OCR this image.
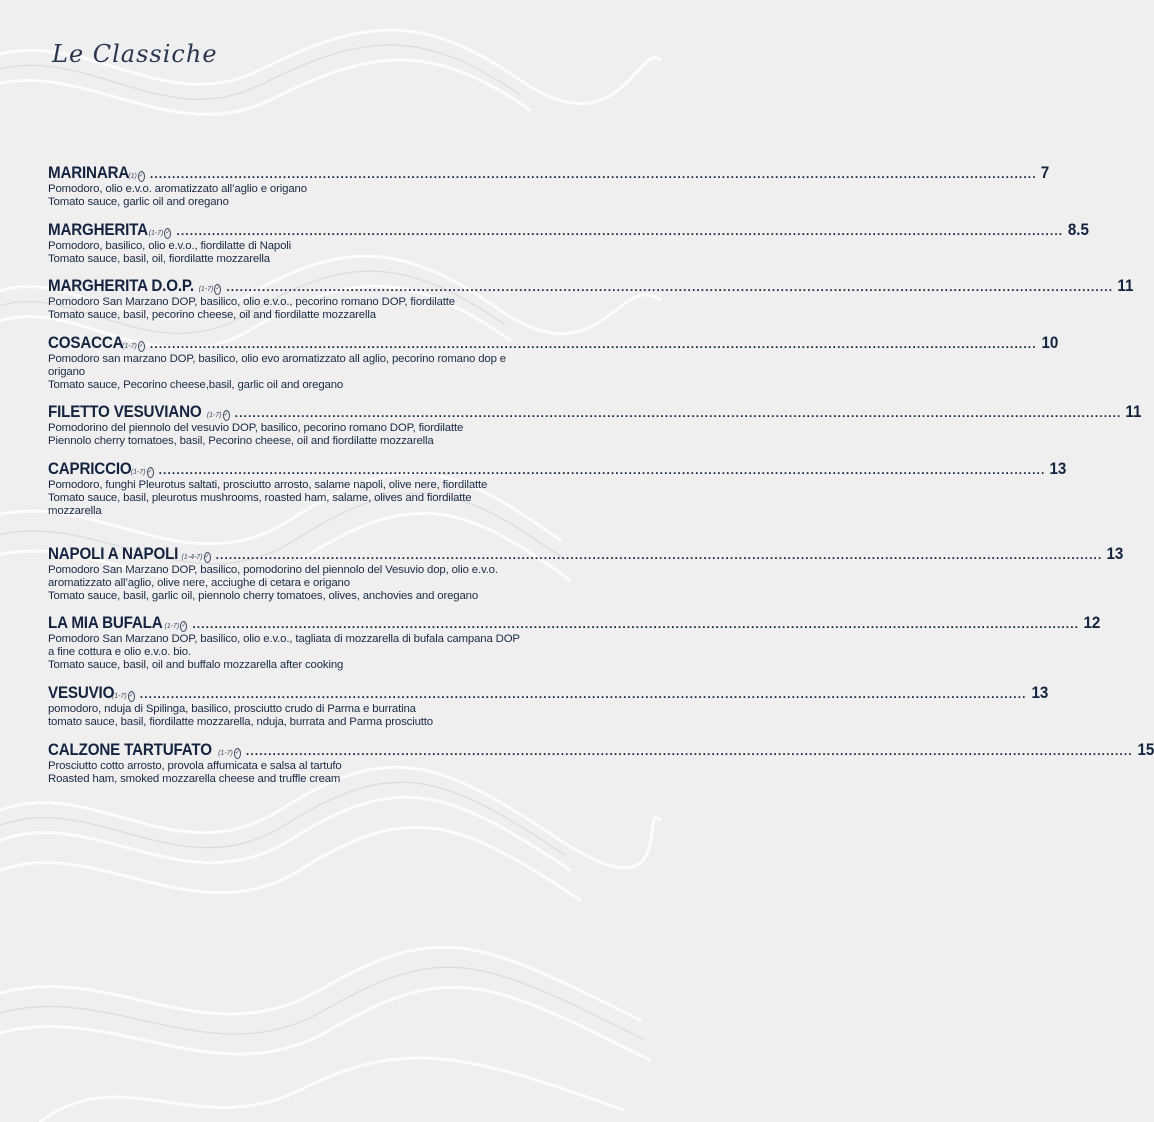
Le Classiche
MARINARA (1) ✓ ........................................................................................................................................................................................................ 7
Pomodoro, olio e.v.o. aromatizzato all’aglio e origano
Tomato sauce, garlic oil and oregano
MARGHERITA (1-7) ✓ ........................................................................................................................................................................................................ 8.5
Pomodoro, basilico, olio e.v.o., fiordilatte di Napoli
Tomato sauce, basil, oil, fiordilatte mozzarella
MARGHERITA D.O.P. (1-7) ✓ ........................................................................................................................................................................................................ 11
Pomodoro San Marzano DOP, basilico, olio e.v.o., pecorino romano DOP, fiordilatte
Tomato sauce, basil, pecorino cheese, oil and fiordilatte mozzarella
COSACCA
(1-7) ✓ ........................................................................................................................................................................................................ 10
Pomodoro san marzano DOP, basilico, olio evo aromatizzato all aglio, pecorino romano dop e origano
Tomato sauce, Pecorino cheese,basil, garlic oil and oregano
FILETTO VESUVIANO (1-7) ✓ ........................................................................................................................................................................................................ 11
Pomodorino del piennolo del vesuvio DOP, basilico, pecorino romano DOP, fiordilatte
Piennolo cherry tomatoes, basil, Pecorino cheese, oil and fiordilatte mozzarella
CAPRICCIO (1-7) ✓ ........................................................................................................................................................................................................ 13
Pomodoro, funghi Pleurotus saltati, prosciutto arrosto, salame napoli, olive nere, fiordilatte
Tomato sauce, basil, pleurotus mushrooms, roasted ham, salame, olives and fiordilatte mozzarella
NAPOLI A NAPOLI (1-4-7) ✓ ........................................................................................................................................................................................................ 13
Pomodoro San Marzano DOP, basilico, pomodorino del piennolo del Vesuvio dop, olio e.v.o. aromatizzato all’aglio, olive nere, acciughe di cetara e origano
Tomato sauce, basil, garlic oil, piennolo cherry tomatoes, olives, anchovies and oregano
LA MIA BUFALA (1-7) ✓ ........................................................................................................................................................................................................ 12
Pomodoro San Marzano DOP, basilico, olio e.v.o., tagliata di mozzarella di bufala campana DOP a fine cottura e olio e.v.o. bio.
Tomato sauce, basil, oil and buffalo mozzarella after cooking
VESUVIO
(1-7) ✓ ........................................................................................................................................................................................................ 13
pomodoro, nduja di Spilinga, basilico, prosciutto crudo di Parma e burratina
tomato sauce, basil, fiordilatte mozzarella, nduja, burrata and Parma prosciutto
CALZONE TARTUFATO (1-7) ✓ ........................................................................................................................................................................................................ 15
Prosciutto cotto arrosto, provola affumicata e salsa al tartufo
Roasted ham, smoked mozzarella cheese and truffle cream
